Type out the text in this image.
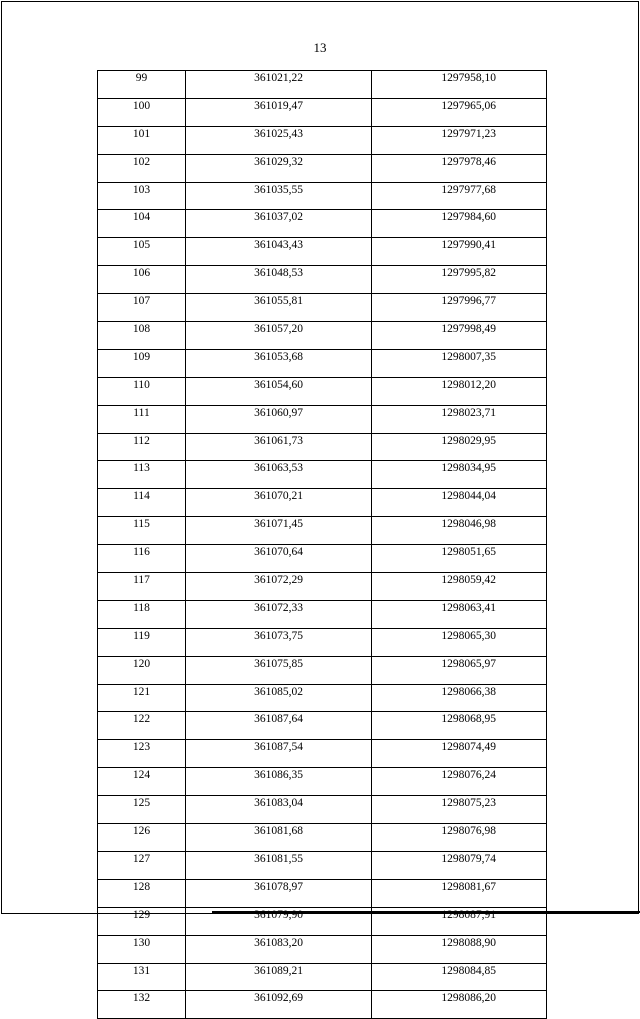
13
99	361021,22	1297958,10
100	361019,47	1297965,06
101	361025,43	1297971,23
102	361029,32	1297978,46
103	361035,55	1297977,68
104	361037,02	1297984,60
105	361043,43	1297990,41
106	361048,53	1297995,82
107	361055,81	1297996,77
108	361057,20	1297998,49
109	361053,68	1298007,35
110	361054,60	1298012,20
111	361060,97	1298023,71
112	361061,73	1298029,95
113	361063,53	1298034,95
114	361070,21	1298044,04
115	361071,45	1298046,98
116	361070,64	1298051,65
117	361072,29	1298059,42
118	361072,33	1298063,41
119	361073,75	1298065,30
120	361075,85	1298065,97
121	361085,02	1298066,38
122	361087,64	1298068,95
123	361087,54	1298074,49
124	361086,35	1298076,24
125	361083,04	1298075,23
126	361081,68	1298076,98
127	361081,55	1298079,74
128	361078,97	1298081,67
129	361079,90	1298087,91
130	361083,20	1298088,90
131	361089,21	1298084,85
132	361092,69	1298086,20
